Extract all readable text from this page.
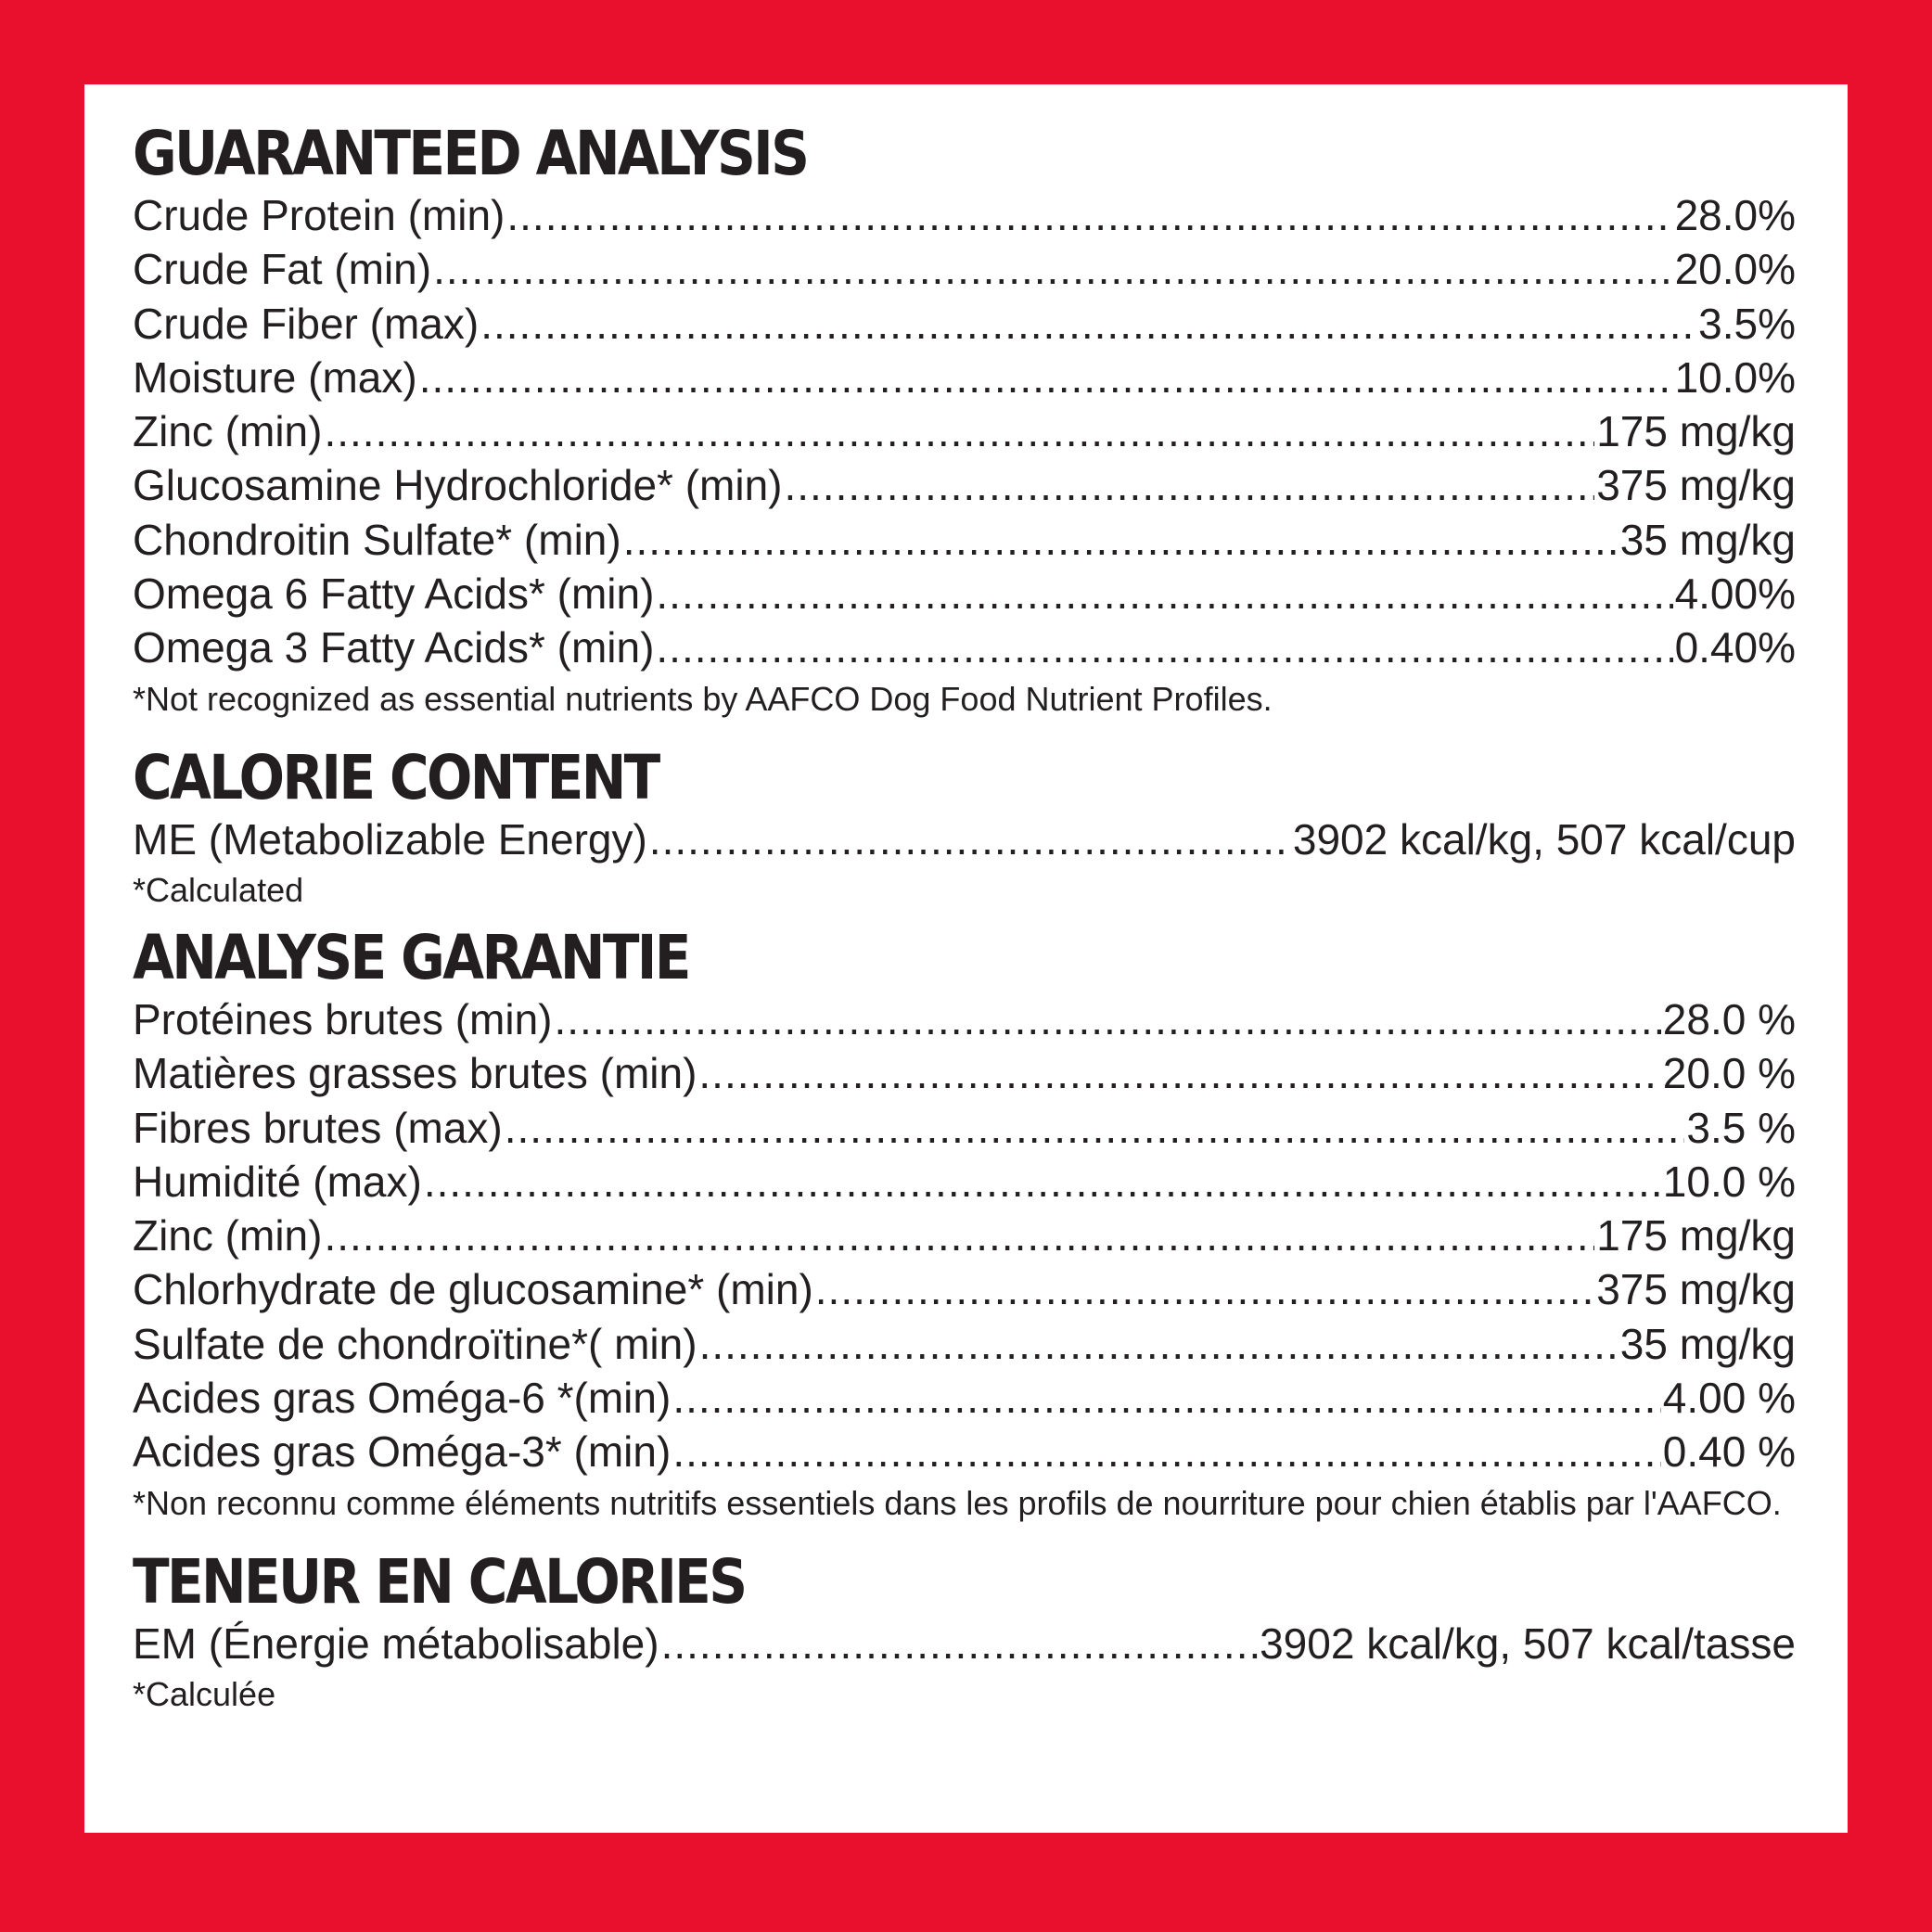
GUARANTEED ANALYSIS
Crude Protein (min) .....	28.0%
Crude Fat (min) .....	20.0%
Crude Fiber (max) .....	3.5%
Moisture (max) .....	10.0%
Zinc (min) .....	175 mg/kg
Glucosamine Hydrochloride* (min) .....	375 mg/kg
Chondroitin Sulfate* (min) .....	35 mg/kg
Omega 6 Fatty Acids* (min) .....	4.00%
Omega 3 Fatty Acids* (min) .....	0.40%

*Not recognized as essential nutrients by AAFCO Dog Food Nutrient Profiles.

CALORIE CONTENT
ME (Metabolizable Energy) .....	3902 kcal/kg, 507 kcal/cup

*Calculated

ANALYSE GARANTIE
Protéines brutes (min) .....	28.0 %
Matières grasses brutes (min) .....	20.0 %
Fibres brutes (max) .....	3.5 %
Humidité (max) .....	10.0 %
Zinc (min) .....	175 mg/kg
Chlorhydrate de glucosamine* (min) .....	375 mg/kg
Sulfate de chondroïtine*( min) .....	35 mg/kg
Acides gras Oméga-6 *(min) .....	4.00 %
Acides gras Oméga-3* (min) .....	0.40 %

*Non reconnu comme éléments nutritifs essentiels dans les profils de nourriture pour chien établis par l'AAFCO.

TENEUR EN CALORIES
EM (Énergie métabolisable) .....	3902 kcal/kg, 507 kcal/tasse

*Calculée
